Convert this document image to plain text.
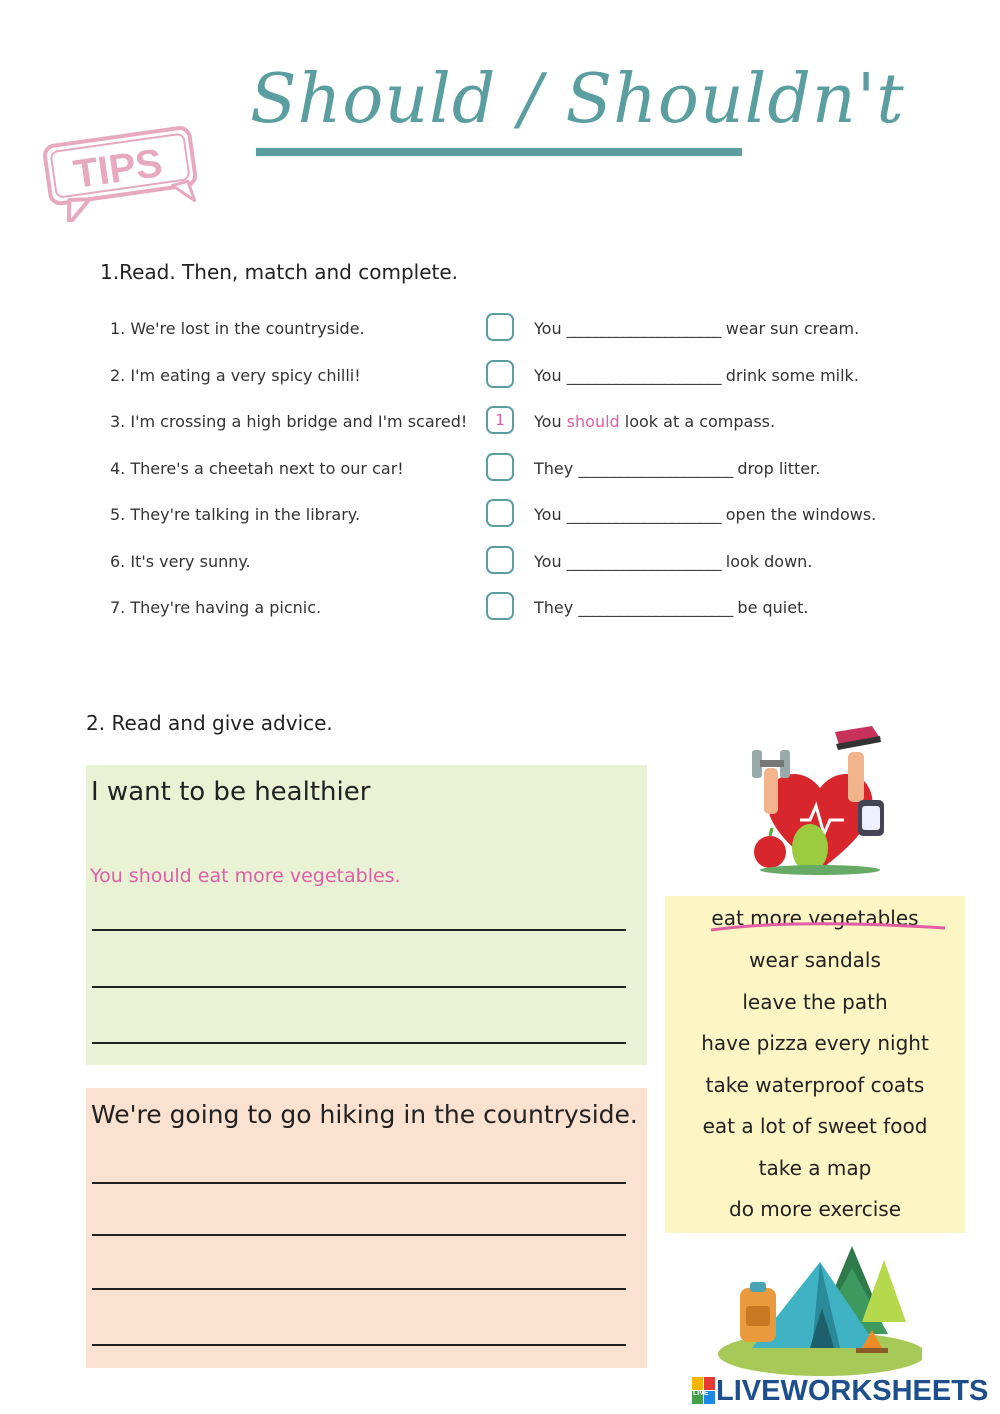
Should / Shouldn't
TIPS
1.Read. Then, match and complete.
1. We're lost in the countryside.	You ______________________ wear sun cream.
2. I'm eating a very spicy chilli!	You ______________________ drink some milk.
3. I'm crossing a high bridge and I'm scared!	1	You should look at a compass.
4. There's a cheetah next to our car!	They ______________________ drop litter.
5. They're talking in the library.	You ______________________ open the windows.
6. It's very sunny.	You ______________________ look down.
7. They're having a picnic.	They ______________________ be quiet.
2. Read and give advice.
I want to be healthier
You should eat more vegetables.
We're going to go hiking in the countryside.
eat more vegetables
wear sandals
leave the path
have pizza every night
take waterproof coats
eat a lot of sweet food
take a map
do more exercise
LIVE LIVEWORKSHEETS
